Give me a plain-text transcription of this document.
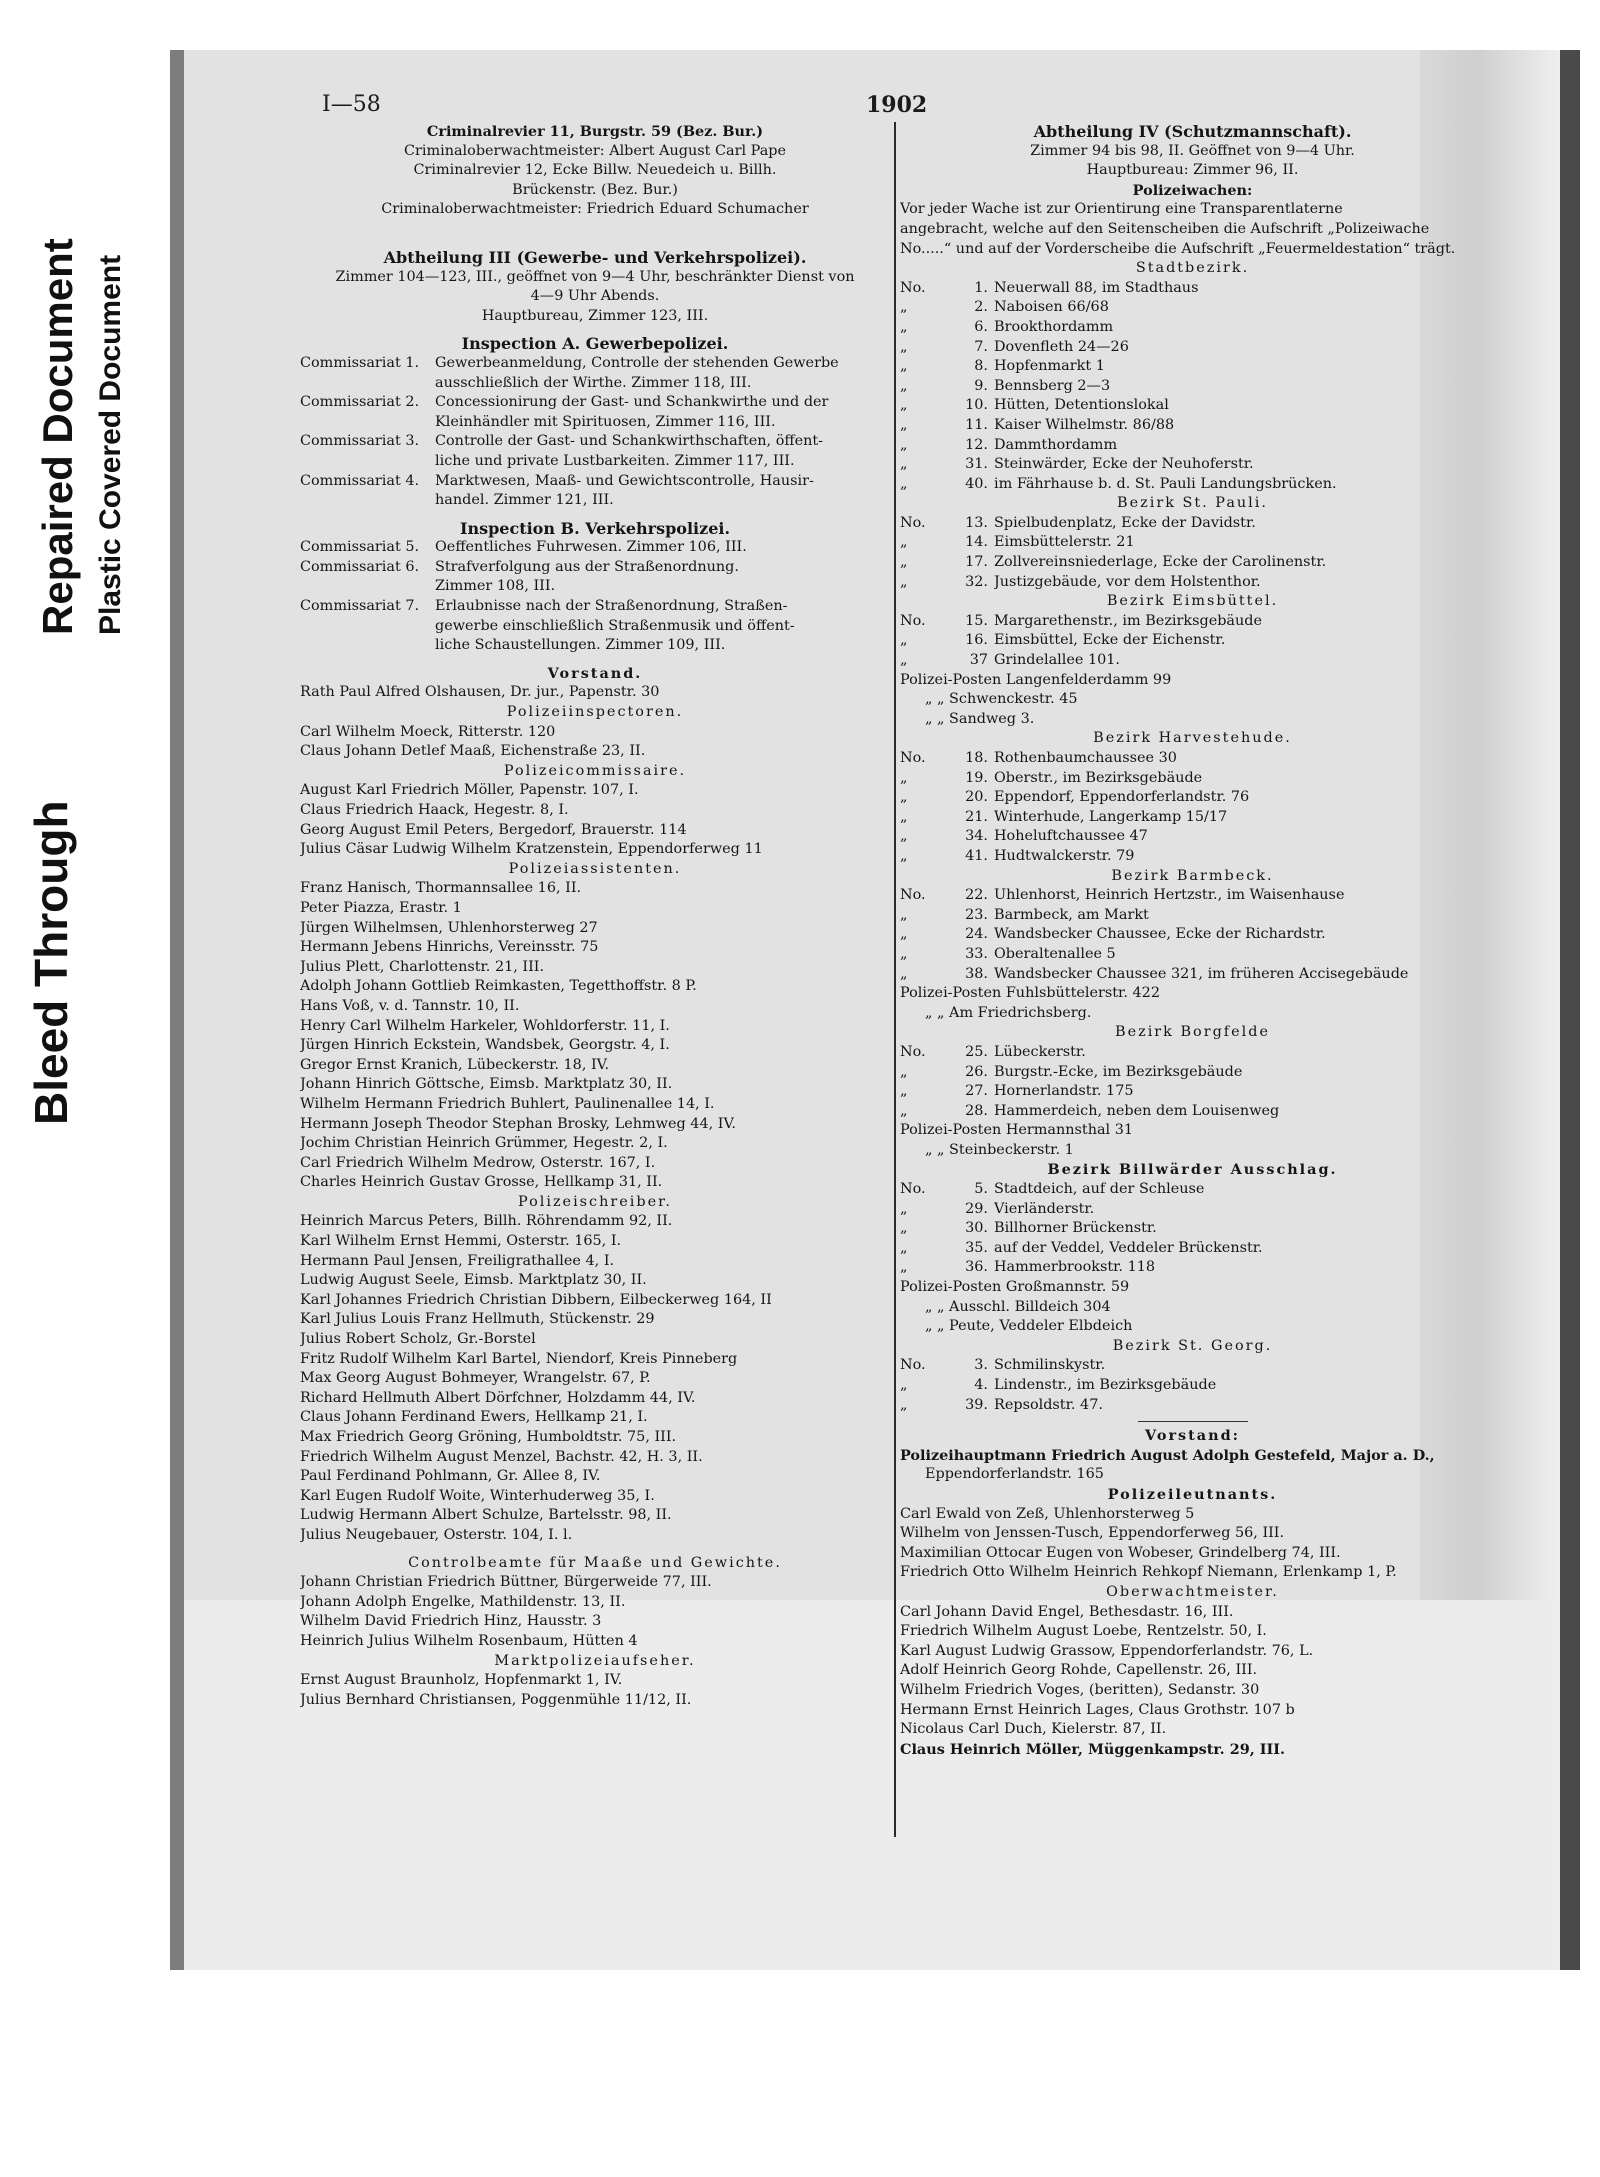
Bleed Through
Repaired Document Plastic Covered Document
I—58	1902
Criminalrevier 11, Burgstr. 59 (Bez. Bur.)
Criminaloberwachtmeister: Albert August Carl Pape
Criminalrevier 12, Ecke Billw. Neuedeich u. Billh.
Brückenstr. (Bez. Bur.)
Criminaloberwachtmeister: Friedrich Eduard Schumacher
Abtheilung III (Gewerbe- und Verkehrspolizei).
Zimmer 104—123, III., geöffnet von 9—4 Uhr, beschränkter Dienst von
4—9 Uhr Abends.
Hauptbureau, Zimmer 123, III.
Inspection A. Gewerbepolizei.
Commissariat 1.	Gewerbeanmeldung, Controlle der stehenden Gewerbe
ausschließlich der Wirthe. Zimmer 118, III.
Commissariat 2.	Concessionirung der Gast- und Schankwirthe und der
Kleinhändler mit Spirituosen, Zimmer 116, III.
Commissariat 3.	Controlle der Gast- und Schankwirthschaften, öffent-
liche und private Lustbarkeiten. Zimmer 117, III.
Commissariat 4.	Marktwesen, Maaß- und Gewichtscontrolle, Hausir-
handel. Zimmer 121, III.
Inspection B. Verkehrspolizei.
Commissariat 5.	Oeffentliches Fuhrwesen. Zimmer 106, III.
Commissariat 6.	Strafverfolgung aus der Straßenordnung.
Zimmer 108, III.
Commissariat 7.	Erlaubnisse nach der Straßenordnung, Straßen-
gewerbe einschließlich Straßenmusik und öffent-
liche Schaustellungen. Zimmer 109, III.
Vorstand.
Rath Paul Alfred Olshausen, Dr. jur., Papenstr. 30
Polizeiinspectoren.
Carl Wilhelm Moeck, Ritterstr. 120
Claus Johann Detlef Maaß, Eichenstraße 23, II.
Polizeicommissaire.
August Karl Friedrich Möller, Papenstr. 107, I.
Claus Friedrich Haack, Hegestr. 8, I.
Georg August Emil Peters, Bergedorf, Brauerstr. 114
Julius Cäsar Ludwig Wilhelm Kratzenstein, Eppendorferweg 11
Polizeiassistenten.
Franz Hanisch, Thormannsallee 16, II.
Peter Piazza, Erastr. 1
Jürgen Wilhelmsen, Uhlenhorsterweg 27
Hermann Jebens Hinrichs, Vereinsstr. 75
Julius Plett, Charlottenstr. 21, III.
Adolph Johann Gottlieb Reimkasten, Tegetthoffstr. 8 P.
Hans Voß, v. d. Tannstr. 10, II.
Henry Carl Wilhelm Harkeler, Wohldorferstr. 11, I.
Jürgen Hinrich Eckstein, Wandsbek, Georgstr. 4, I.
Gregor Ernst Kranich, Lübeckerstr. 18, IV.
Johann Hinrich Göttsche, Eimsb. Marktplatz 30, II.
Wilhelm Hermann Friedrich Buhlert, Paulinenallee 14, I.
Hermann Joseph Theodor Stephan Brosky, Lehmweg 44, IV.
Jochim Christian Heinrich Grümmer, Hegestr. 2, I.
Carl Friedrich Wilhelm Medrow, Osterstr. 167, I.
Charles Heinrich Gustav Grosse, Hellkamp 31, II.
Polizeischreiber.
Heinrich Marcus Peters, Billh. Röhrendamm 92, II.
Karl Wilhelm Ernst Hemmi, Osterstr. 165, I.
Hermann Paul Jensen, Freiligrathallee 4, I.
Ludwig August Seele, Eimsb. Marktplatz 30, II.
Karl Johannes Friedrich Christian Dibbern, Eilbeckerweg 164, II
Karl Julius Louis Franz Hellmuth, Stückenstr. 29
Julius Robert Scholz, Gr.-Borstel
Fritz Rudolf Wilhelm Karl Bartel, Niendorf, Kreis Pinneberg
Max Georg August Bohmeyer, Wrangelstr. 67, P.
Richard Hellmuth Albert Dörfchner, Holzdamm 44, IV.
Claus Johann Ferdinand Ewers, Hellkamp 21, I.
Max Friedrich Georg Gröning, Humboldtstr. 75, III.
Friedrich Wilhelm August Menzel, Bachstr. 42, H. 3, II.
Paul Ferdinand Pohlmann, Gr. Allee 8, IV.
Karl Eugen Rudolf Woite, Winterhuderweg 35, I.
Ludwig Hermann Albert Schulze, Bartelsstr. 98, II.
Julius Neugebauer, Osterstr. 104, I. l.
Controlbeamte für Maaße und Gewichte.
Johann Christian Friedrich Büttner, Bürgerweide 77, III.
Johann Adolph Engelke, Mathildenstr. 13, II.
Wilhelm David Friedrich Hinz, Hausstr. 3
Heinrich Julius Wilhelm Rosenbaum, Hütten 4
Marktpolizeiaufseher.
Ernst August Braunholz, Hopfenmarkt 1, IV.
Julius Bernhard Christiansen, Poggenmühle 11/12, II.
Abtheilung IV (Schutzmannschaft).
Zimmer 94 bis 98, II. Geöffnet von 9—4 Uhr.
Hauptbureau: Zimmer 96, II.
Polizeiwachen:
Vor jeder Wache ist zur Orientirung eine Transparentlaterne
angebracht, welche auf den Seitenscheiben die Aufschrift „Polizeiwache
No.....“ und auf der Vorderscheibe die Aufschrift „Feuermeldestation“ trägt.
Stadtbezirk.
No.	1. Neuerwall 88, im Stadthaus
„	2. Naboisen 66/68
„	6. Brookthordamm
„	7. Dovenfleth 24—26
„	8. Hopfenmarkt 1
„	9. Bennsberg 2—3
„	10. Hütten, Detentionslokal
„	11. Kaiser Wilhelmstr. 86/88
„	12. Dammthordamm
„	31. Steinwärder, Ecke der Neuhoferstr.
„	40. im Fährhause b. d. St. Pauli Landungsbrücken.
Bezirk St. Pauli.
No.	13. Spielbudenplatz, Ecke der Davidstr.
„	14. Eimsbüttelerstr. 21
„	17. Zollvereinsniederlage, Ecke der Carolinenstr.
„	32. Justizgebäude, vor dem Holstenthor.
Bezirk Eimsbüttel.
No.	15. Margarethenstr., im Bezirksgebäude
„	16. Eimsbüttel, Ecke der Eichenstr.
„	37 Grindelallee 101.
Polizei-Posten Langenfelderdamm 99
„ „ Schwenckestr. 45
„ „ Sandweg 3.
Bezirk Harvestehude.
No.	18. Rothenbaumchaussee 30
„	19. Oberstr., im Bezirksgebäude
„	20. Eppendorf, Eppendorferlandstr. 76
„	21. Winterhude, Langerkamp 15/17
„	34. Hoheluftchaussee 47
„	41. Hudtwalckerstr. 79
Bezirk Barmbeck.
No.	22. Uhlenhorst, Heinrich Hertzstr., im Waisenhause
„	23. Barmbeck, am Markt
„	24. Wandsbecker Chaussee, Ecke der Richardstr.
„	33. Oberaltenallee 5
„	38. Wandsbecker Chaussee 321, im früheren Accisegebäude
Polizei-Posten Fuhlsbüttelerstr. 422
„ „ Am Friedrichsberg.
Bezirk Borgfelde
No.	25. Lübeckerstr.
„	26. Burgstr.-Ecke, im Bezirksgebäude
„	27. Hornerlandstr. 175
„	28. Hammerdeich, neben dem Louisenweg
Polizei-Posten Hermannsthal 31
„ „ Steinbeckerstr. 1
Bezirk Billwärder Ausschlag.
No.	5. Stadtdeich, auf der Schleuse
„	29. Vierländerstr.
„	30. Billhorner Brückenstr.
„	35. auf der Veddel, Veddeler Brückenstr.
„	36. Hammerbrookstr. 118
Polizei-Posten Großmannstr. 59
„ „ Ausschl. Billdeich 304
„ „ Peute, Veddeler Elbdeich
Bezirk St. Georg.
No.	3. Schmilinskystr.
„	4. Lindenstr., im Bezirksgebäude
„	39. Repsoldstr. 47.
Vorstand:
Polizeihauptmann Friedrich August Adolph Gestefeld, Major a. D.,
Eppendorferlandstr. 165
Polizeileutnants.
Carl Ewald von Zeß, Uhlenhorsterweg 5
Wilhelm von Jenssen-Tusch, Eppendorferweg 56, III.
Maximilian Ottocar Eugen von Wobeser, Grindelberg 74, III.
Friedrich Otto Wilhelm Heinrich Rehkopf Niemann, Erlenkamp 1, P.
Oberwachtmeister.
Carl Johann David Engel, Bethesdastr. 16, III.
Friedrich Wilhelm August Loebe, Rentzelstr. 50, I.
Karl August Ludwig Grassow, Eppendorferlandstr. 76, L.
Adolf Heinrich Georg Rohde, Capellenstr. 26, III.
Wilhelm Friedrich Voges, (beritten), Sedanstr. 30
Hermann Ernst Heinrich Lages, Claus Grothstr. 107 b
Nicolaus Carl Duch, Kielerstr. 87, II.
Claus Heinrich Möller, Müggenkampstr. 29, III.
